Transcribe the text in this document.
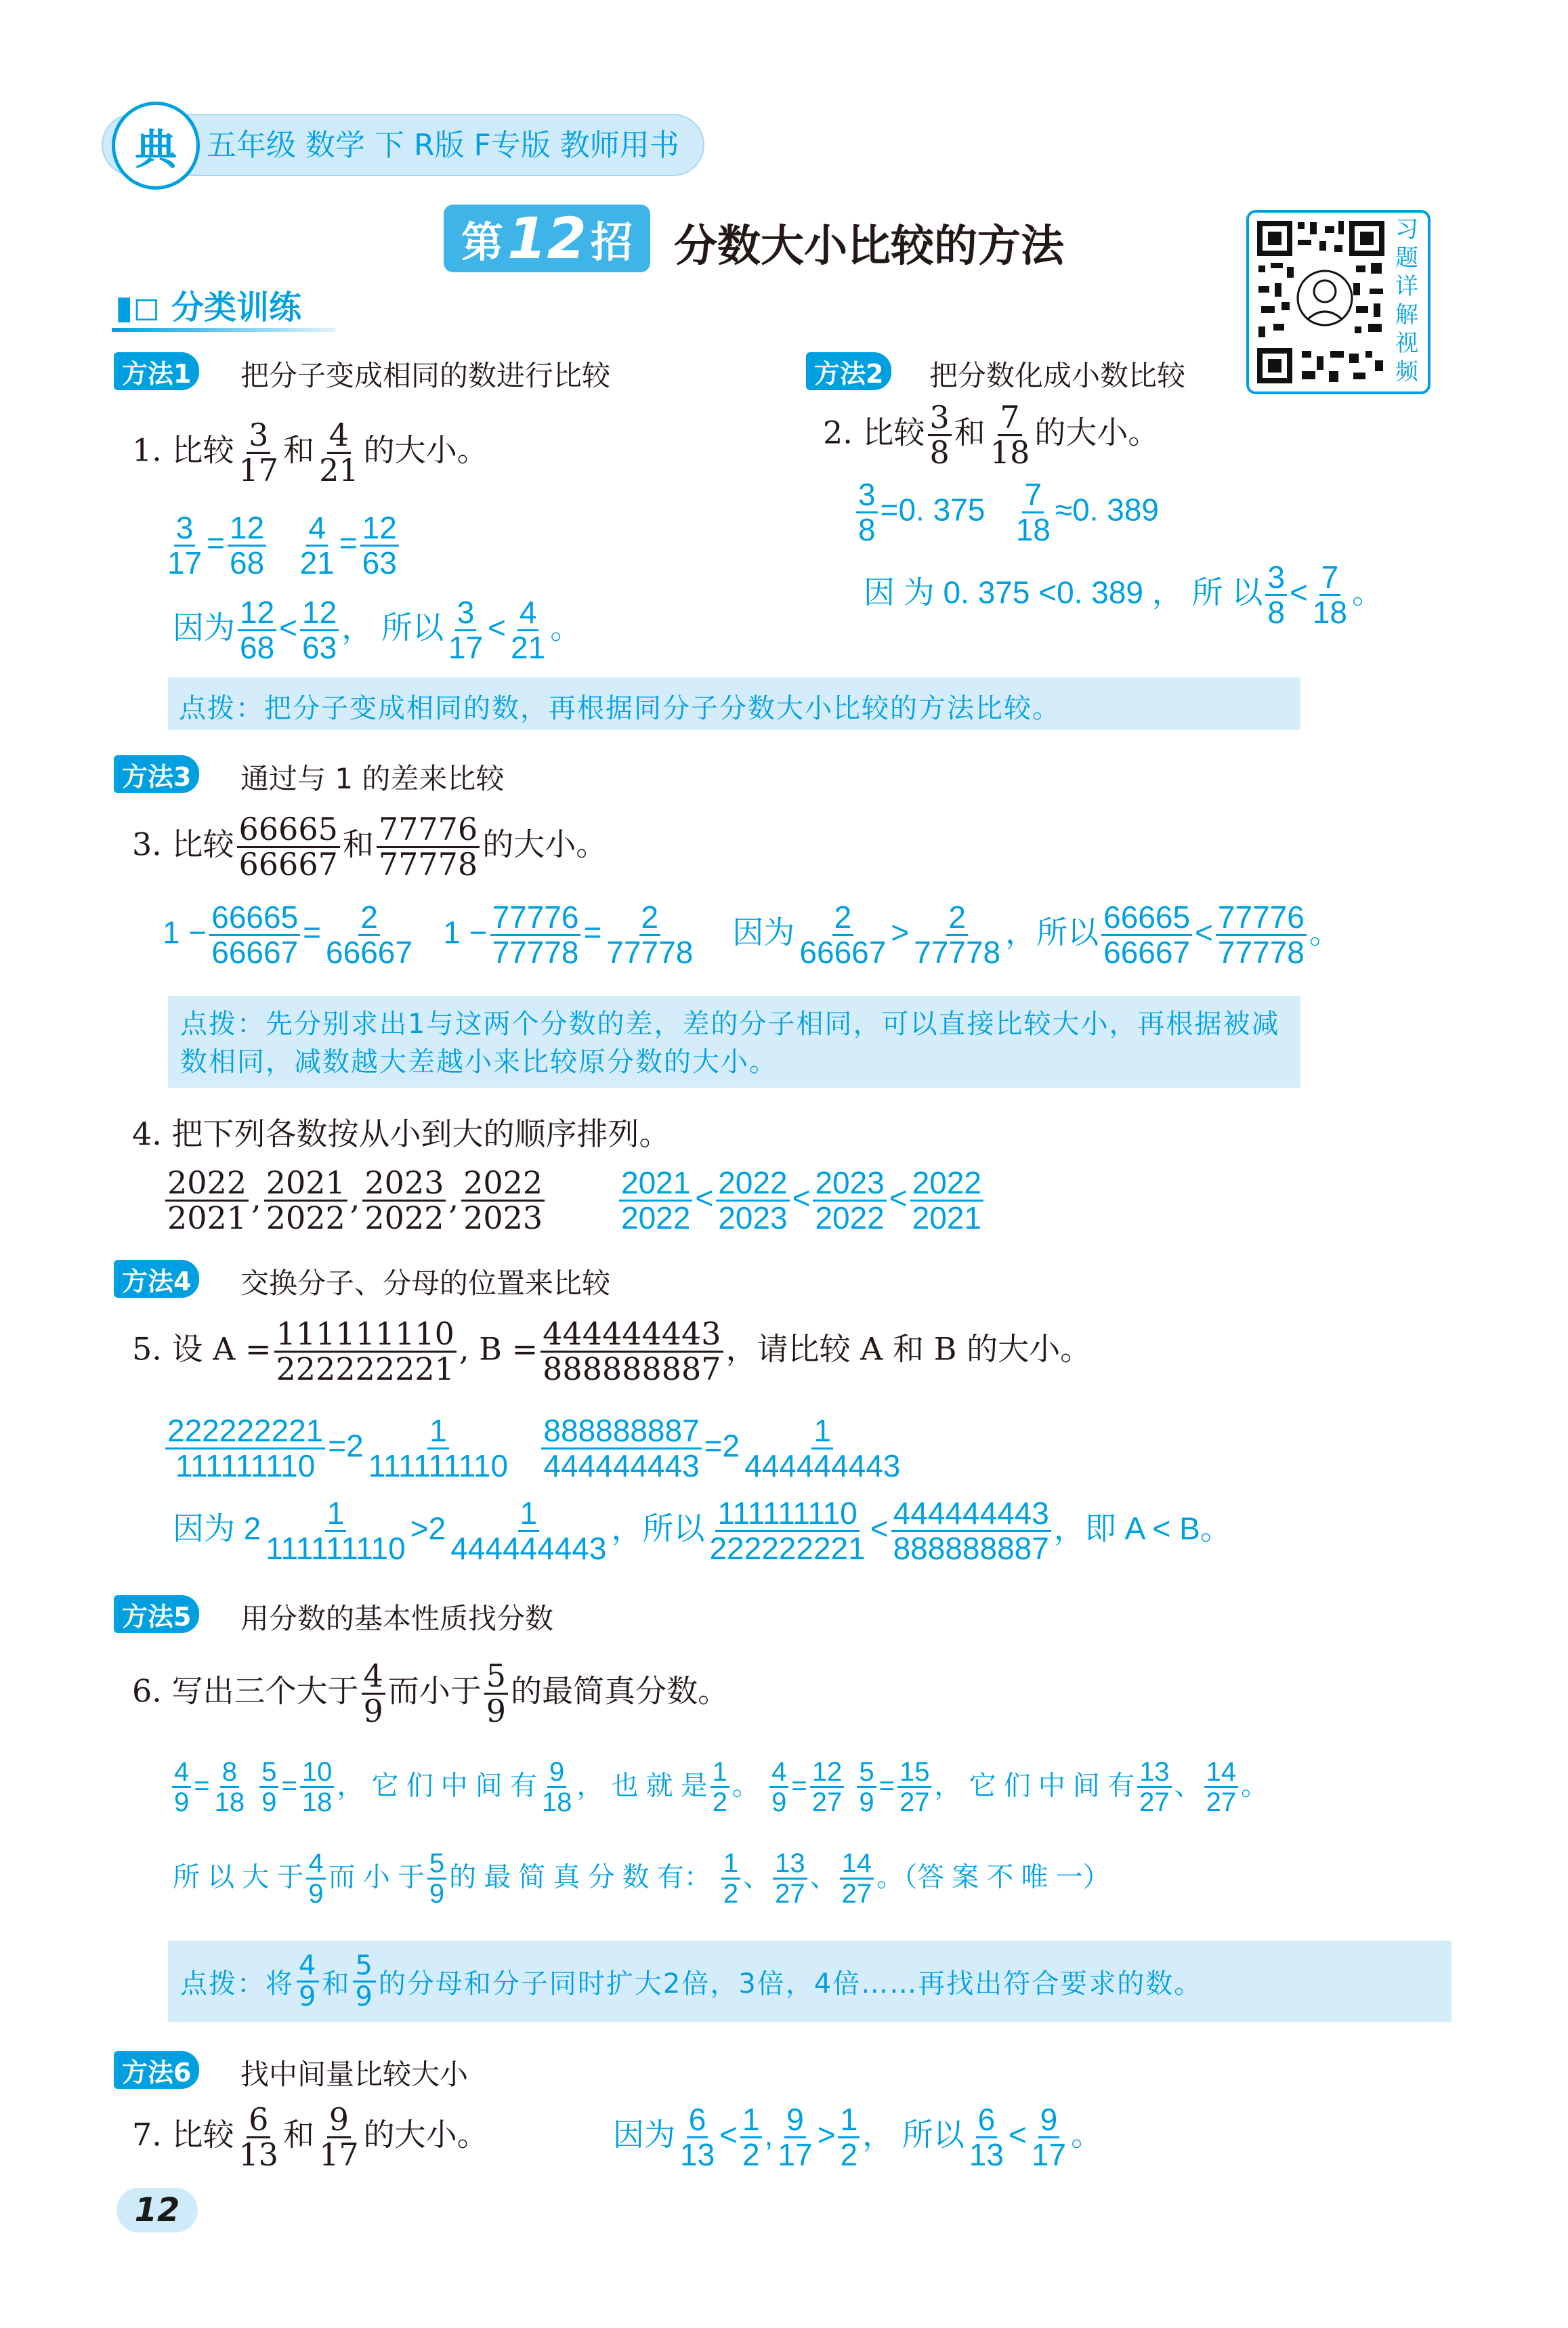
典	五年级 数学 下 R版 F专版 教师用书
第 12 招 分数大小比较的方法	习题详解视频
▮◻ 分类训练
方法1 把分子变成相同的数进行比较
1. 比较 $\frac{3}{17}$ 和 $\frac{4}{21}$ 的大小。
$\frac{3}{17} = \frac{12}{68}$
$\frac{4}{21} = \frac{12}{63}$
因为 $\frac{12}{68} < \frac{12}{63}$ ， 所以 $\frac{3}{17} < \frac{4}{21}$ 。
点拨：把分子变成相同的数，再根据同分子分数大小比较的方法比较。
方法2 把分数化成小数比较
2. 比较 $\frac{3}{8}$ 和 $\frac{7}{18}$ 的大小。
$\frac{3}{8} =0$. $375 \frac{7}{18} \approx 0$. 389
因 为 0. 375 <0. 389 ， 所 以 $\frac{3}{8} < \frac{7}{18}$ 。
方法3 通过与 1 的差来比较
3. 比较 $\frac{66665}{66667}$ 和 $\frac{77776}{77778}$ 的大小。
$1 - \frac{66665}{66667} = \frac{2}{66667} 1 - \frac{77776}{77778} = \frac{2}{77778}$ 因为 $\frac{2}{66667} > \frac{2}{77778}$ ，所以 $\frac{66665}{66667} < \frac{77776}{77778}$ 。
点拨：先分别求出1与这两个分数的差，差的分子相同，可以直接比较大小，再根据被减数相同，减数越大差越小来比较原分数的大小。
4. 把下列各数按从小到大的顺序排列。
$\frac{2022}{2021}$ , $\frac{2021}{2022}$ , $\frac{2023}{2022}$ , $\frac{2022}{2023} \frac{2021}{2022} < \frac{2022}{2023} < \frac{2023}{2022} < \frac{2022}{2021}$
方法4 交换分子、分母的位置来比较
5. 设 $A = \frac{111111110}{222222221}$ , $B = \frac{444444443}{888888887}$ ，请比较 A 和 B 的大小。
$\frac{222222221}{111111110} =2 \frac{1}{111111110}$
$\frac{888888887}{444444443} =2 \frac{1}{444444443}$
因为 $2 \frac{1}{111111110} >2 \frac{1}{444444443}$ ，所以 $\frac{111111110}{222222221} < \frac{444444443}{888888887}$ ，即 A < B。
方法5 用分数的基本性质找分数
6. 写出三个大于 $\frac{4}{9}$ 而小于 $\frac{5}{9}$ 的最简真分数。
$\frac{4}{9} = \frac{8}{18}$
$\frac{5}{9} = \frac{10}{18}$ ， 它 们 中 间 有 $\frac{9}{18}$ ， 也 就 是 $\frac{1}{2}$ 。 $\frac{4}{9} = \frac{12}{27}$
$\frac{5}{9} = \frac{15}{27}$ ， 它 们 中 间 有 $\frac{13}{27}$ 、 $\frac{14}{27}$ 。
所 以 大 于 $\frac{4}{9}$ 而 小 于 $\frac{5}{9}$ 的 最 简 真 分 数 有： $\frac{1}{2}$ 、 $\frac{13}{27}$ 、 $\frac{14}{27}$ 。（答 案 不 唯 一）
点拨：将
4
9 和
5
9 的分母和分子同时扩大2倍，3倍，4倍……再找出符合要求的数。
方法6 找中间量比较大小
7. 比较 $\frac{6}{13}$ 和 $\frac{9}{17}$ 的大小。	因为 $\frac{6}{13} < \frac{1}{2}$ , $\frac{9}{17} > \frac{1}{2}$ ， 所以 $\frac{6}{13} < \frac{9}{17}$ 。
12
